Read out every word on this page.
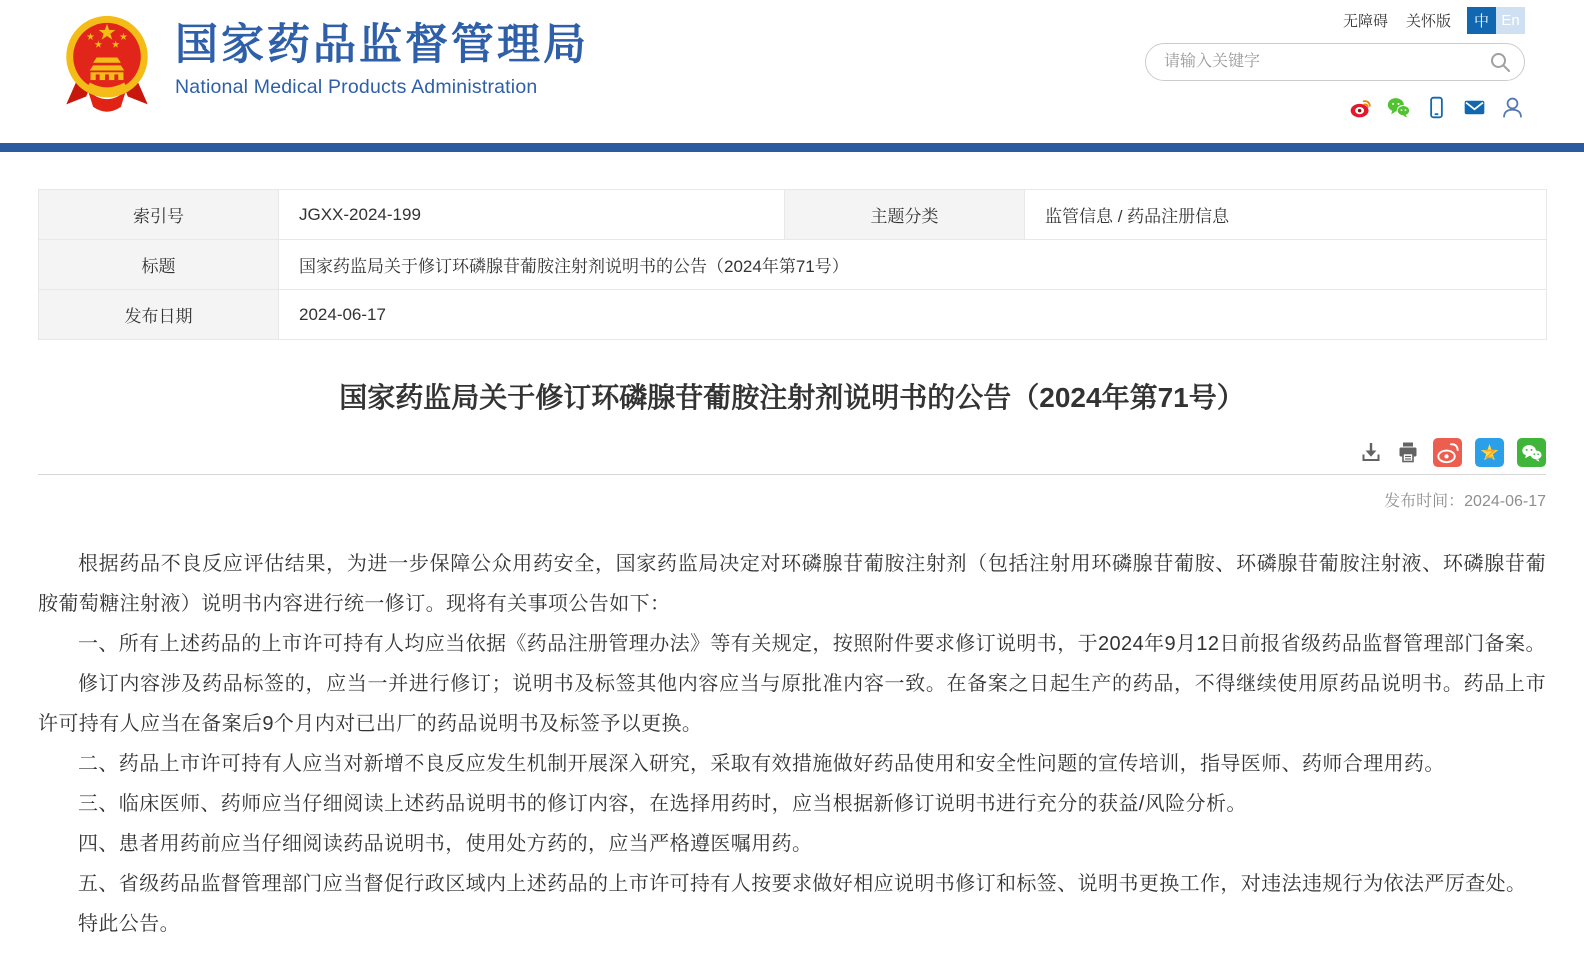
国家药品监督管理局
National Medical Products Administration
无障碍 关怀版	中 En
请输入关键字
索引号	JGXX-2024-199	主题分类	监管信息 / 药品注册信息
标题	国家药监局关于修订环磷腺苷葡胺注射剂说明书的公告（2024年第71号）		
发布日期	2024-06-17		
国家药监局关于修订环磷腺苷葡胺注射剂说明书的公告（2024年第71号）
发布时间：2024-06-17

根据药品不良反应评估结果，为进一步保障公众用药安全，国家药监局决定对环磷腺苷葡胺注射剂（包括注射用环磷腺苷葡胺、环磷腺苷葡胺注射液、环磷腺苷葡胺葡萄糖注射液）说明书内容进行统一修订。现将有关事项公告如下：

一、所有上述药品的上市许可持有人均应当依据《药品注册管理办法》等有关规定，按照附件要求修订说明书，于2024年9月12日前报省级药品监督管理部门备案。

修订内容涉及药品标签的，应当一并进行修订；说明书及标签其他内容应当与原批准内容一致。在备案之日起生产的药品，不得继续使用原药品说明书。药品上市许可持有人应当在备案后9个月内对已出厂的药品说明书及标签予以更换。

二、药品上市许可持有人应当对新增不良反应发生机制开展深入研究，采取有效措施做好药品使用和安全性问题的宣传培训，指导医师、药师合理用药。

三、临床医师、药师应当仔细阅读上述药品说明书的修订内容，在选择用药时，应当根据新修订说明书进行充分的获益/风险分析。

四、患者用药前应当仔细阅读药品说明书，使用处方药的，应当严格遵医嘱用药。

五、省级药品监督管理部门应当督促行政区域内上述药品的上市许可持有人按要求做好相应说明书修订和标签、说明书更换工作，对违法违规行为依法严厉查处。

特此公告。
